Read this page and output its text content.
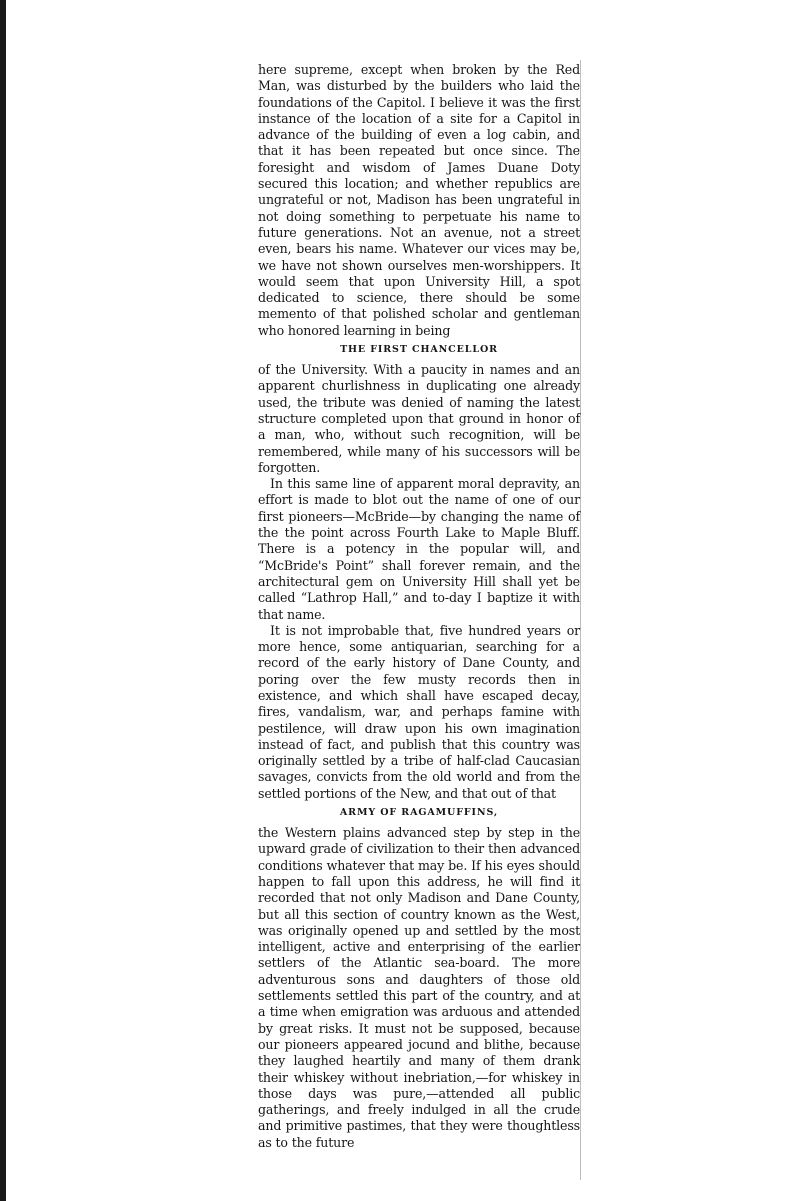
here supreme, except when broken by the Red Man, was disturbed by the builders who laid the foundations of the Capitol. I believe it was the first instance of the location of a site for a Capitol in advance of the building of even a log cabin, and that it has been repeated but once since. The foresight and wisdom of James Duane Doty secured this location; and whether republics are ungrateful or not, Madison has been ungrateful in not doing something to perpetuate his name to future generations. Not an avenue, not a street even, bears his name. Whatever our vices may be, we have not shown ourselves men-worshippers. It would seem that upon University Hill, a spot dedicated to science, there should be some memento of that polished scholar and gentleman who honored learning in being

THE FIRST CHANCELLOR

of the University. With a paucity in names and an apparent churlishness in duplicating one already used, the tribute was denied of naming the latest structure completed upon that ground in honor of a man, who, without such recognition, will be remembered, while many of his successors will be forgotten.

In this same line of apparent moral depravity, an effort is made to blot out the name of one of our first pioneers—McBride—by changing the name of the the point across Fourth Lake to Maple Bluff. There is a potency in the popular will, and “McBride's Point” shall forever remain, and the architectural gem on University Hill shall yet be called “Lathrop Hall,” and to-day I baptize it with that name.

It is not improbable that, five hundred years or more hence, some antiquarian, searching for a record of the early history of Dane County, and poring over the few musty records then in existence, and which shall have escaped decay, fires, vandalism, war, and perhaps famine with pestilence, will draw upon his own imagination instead of fact, and publish that this country was originally settled by a tribe of half-clad Caucasian savages, convicts from the old world and from the settled portions of the New, and that out of that

ARMY OF RAGAMUFFINS,

the Western plains advanced step by step in the upward grade of civilization to their then advanced conditions whatever that may be. If his eyes should happen to fall upon this address, he will find it recorded that not only Madison and Dane County, but all this section of country known as the West, was originally opened up and settled by the most intelligent, active and enterprising of the earlier settlers of the Atlantic sea-board. The more adventurous sons and daughters of those old settlements settled this part of the country, and at a time when emigration was arduous and attended by great risks. It must not be supposed, because our pioneers appeared jocund and blithe, because they laughed heartily and many of them drank their whiskey without inebriation,—for whiskey in those days was pure,—attended all public gatherings, and freely indulged in all the crude and primitive pastimes, that they were thoughtless as to the future
